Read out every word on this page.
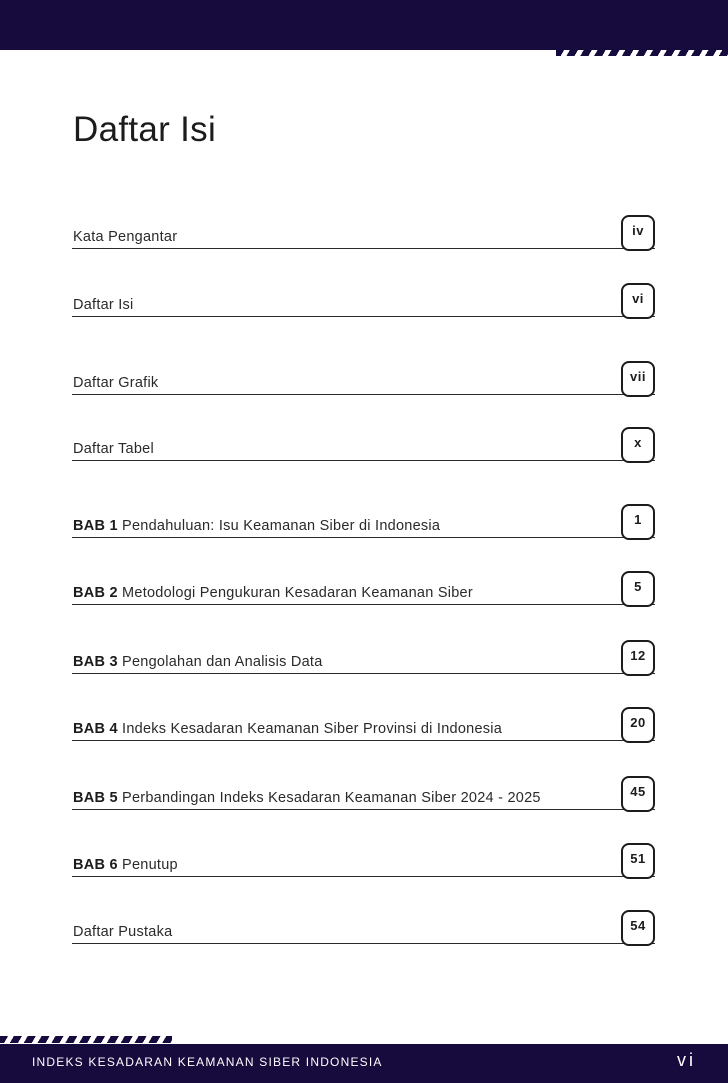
Daftar Isi
Kata Pengantar	iv
Daftar Isi	vi
Daftar Grafik	vii
Daftar Tabel	x
BAB 1 Pendahuluan: Isu Keamanan Siber di Indonesia	1
BAB 2 Metodologi Pengukuran Kesadaran Keamanan Siber	5
BAB 3 Pengolahan dan Analisis Data	12
BAB 4 Indeks Kesadaran Keamanan Siber Provinsi di Indonesia	20
BAB 5 Perbandingan Indeks Kesadaran Keamanan Siber 2024 - 2025	45
BAB 6 Penutup	51
Daftar Pustaka	54
INDEKS KESADARAN KEAMANAN SIBER INDONESIA	vi
